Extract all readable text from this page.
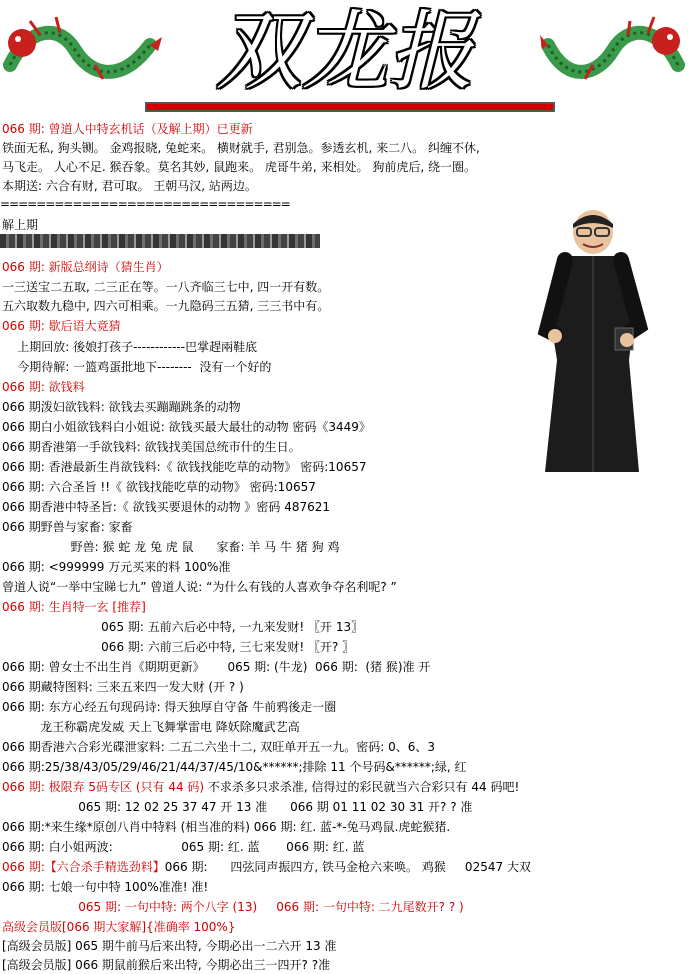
双龙报
066 期: 曾道人中特玄机话（及解上期）已更新
铁面无私, 狗头铡。 金鸡报晓, 兔蛇来。 横财就手, 君别急。参透玄机, 来二八。 纠缠不休,
马飞走。 人心不足. 猴吞象。莫名其妙, 鼠跑来。 虎哥牛弟, 来相处。 狗前虎后, 绕一圈。
本期送: 六合有财, 君可取。 王朝马汉, 站两边。
================================
解上期
066 期: 新版总纲诗（猜生肖）
一三送宝二五取, 二三正在等。一八齐临三七中, 四一开有数。
五六取数九稳中, 四六可相乘。一九隐码三五猜, 三三书中有。
066 期: 歇后语大竟猜
上期回放: 後娘打孩子------------巴掌趕兩鞋底
今期待解: 一篮鸡蛋批地下--------  没有一个好的
066 期: 欲钱料
066 期泼妇欲钱料: 欲钱去买蹦蹦跳条的动物
066 期白小姐欲钱料白小姐说: 欲钱买最大最壮的动物 密码《3449》
066 期香港第一手欲钱料: 欲钱找美国总统市什的生日。
066 期: 香港最新生肖欲钱料:《 欲钱找能吃草的动物》 密码:10657
066 期: 六合圣旨 !!《 欲钱找能吃草的动物》 密码:10657
066 期香港中特圣旨:《 欲钱买要退休的动物 》密码 487621
066 期野兽与家畜: 家畜
野兽: 猴 蛇 龙 兔 虎 鼠      家畜: 羊 马 牛 猪 狗 鸡
066 期: <999999 万元买来的料 100%准
曾道人说“一举中宝睇七九” 曾道人说: “为什么有钱的人喜欢争夺名利呢? ”
066 期: 生肖特一玄 [推荐]
065 期: 五前六后必中特, 一九来发财! 〖开 13〗
066 期: 六前三后必中特, 三七来发财! 〖开? 〗
066 期: 曾女士不出生肖《期期更新》      065 期: (牛龙)  066 期:  (猪 猴)准 开
066 期藏特图料: 三来五来四一发大财 (开 ? )
066 期: 东方心经五句现码诗: 得天独厚自守备 牛前鸦後走一圈
龙王称霸虎发威 天上飞舞掌雷电 降妖除魔武艺高
066 期香港六合彩光碟泄家料: 二五二六坐十二, 双旺单开五一九。密码: 0、6、3
066 期:25/38/43/05/29/46/21/44/37/45/10&******;排除 11 个号码&******;绿, 红
066 期: 极限弃 5码专区 (只有 44 码) 不求杀多只求杀准, 信得过的彩民就当六合彩只有 44 码吧!
065 期: 12 02 25 37 47 开 13 准      066 期 01 11 02 30 31 开? ? 准
066 期:*来生缘*原创八肖中特料 (相当准的料) 066 期: 红. 蓝-*-兔马鸡鼠.虎蛇猴猪.
066 期: 白小姐两波:                  065 期: 红. 蓝       066 期: 红. 蓝
066 期:【六合杀手精选劲料】066 期:      四弦同声振四方, 铁马金枪六来唤。 鸡猴     02547 大双
066 期: 七娘一句中特 100%准准! 准!
065 期: 一句中特: 两个八字 (13)     066 期: 一句中特: 二九尾数开? ? )
高级会员版[066 期大家解]{准确率 100%}
[高级会员版] 065 期牛前马后来出特, 今期必出一二六开 13 准
[高级会员版] 066 期鼠前猴后来出特, 今期必出三一四开? ?准
